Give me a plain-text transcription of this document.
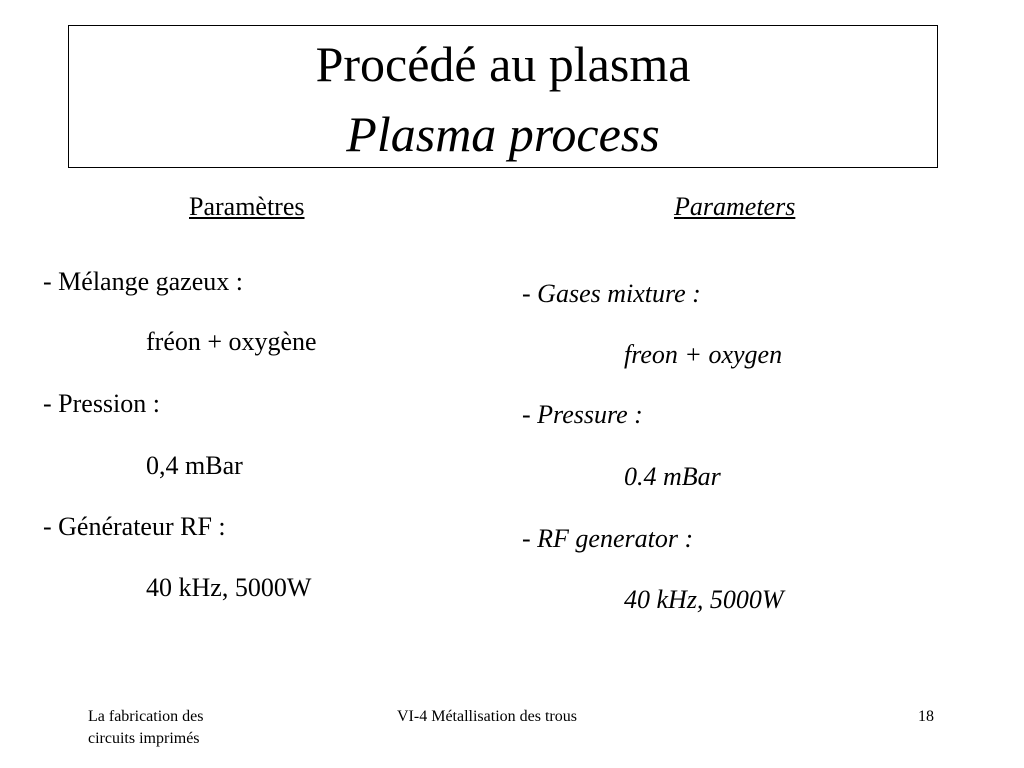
Procédé au plasma
Plasma process
Paramètres	Parameters
- Mélange gazeux :
fréon + oxygène
- Pression :
0,4 mBar
- Générateur RF :
40 kHz, 5000W
- Gases mixture :
freon + oxygen
- Pressure :
0.4 mBar
- RF generator :
40 kHz, 5000W
La fabrication des
circuits imprimés
VI-4 Métallisation des trous	18
